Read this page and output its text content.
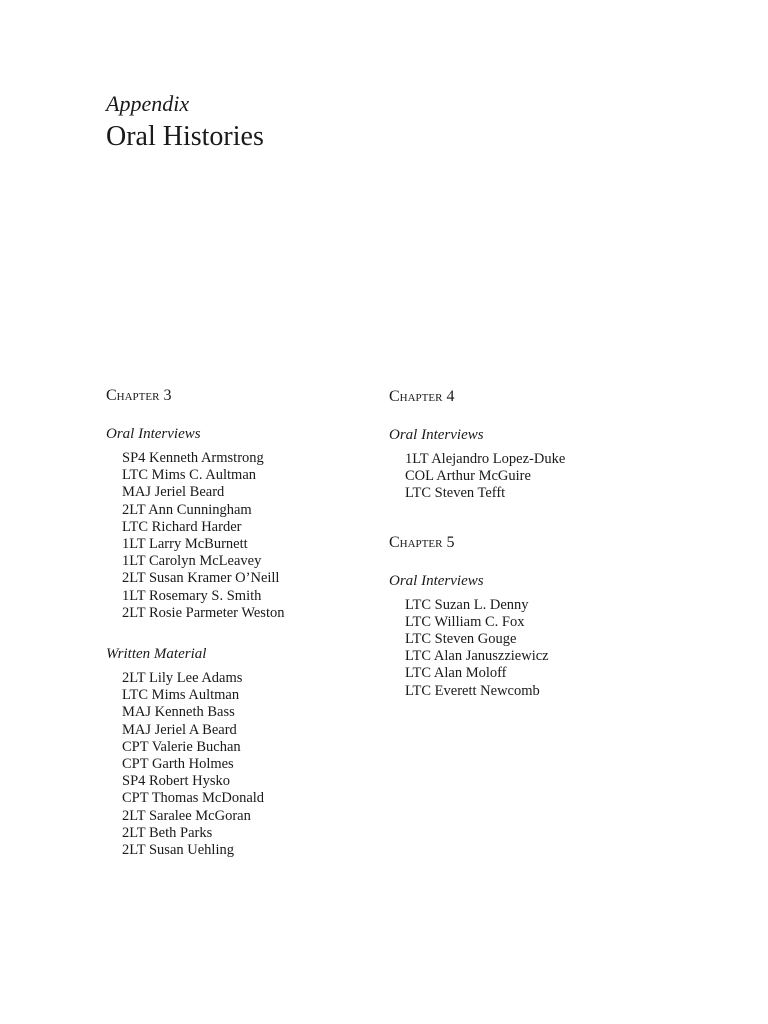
Appendix
Oral Histories
Chapter 3
Oral Interviews
SP4 Kenneth Armstrong
LTC Mims C. Aultman
MAJ Jeriel Beard
2LT Ann Cunningham
LTC Richard Harder
1LT Larry McBurnett
1LT Carolyn McLeavey
2LT Susan Kramer O’Neill
1LT Rosemary S. Smith
2LT Rosie Parmeter Weston
Written Material
2LT Lily Lee Adams
LTC Mims Aultman
MAJ Kenneth Bass
MAJ Jeriel A Beard
CPT Valerie Buchan
CPT Garth Holmes
SP4 Robert Hysko
CPT Thomas McDonald
2LT Saralee McGoran
2LT Beth Parks
2LT Susan Uehling
Chapter 4
Oral Interviews
1LT Alejandro Lopez-Duke
COL Arthur McGuire
LTC Steven Tefft
Chapter 5
Oral Interviews
LTC Suzan L. Denny
LTC William C. Fox
LTC Steven Gouge
LTC Alan Januszziewicz
LTC Alan Moloff
LTC Everett Newcomb
